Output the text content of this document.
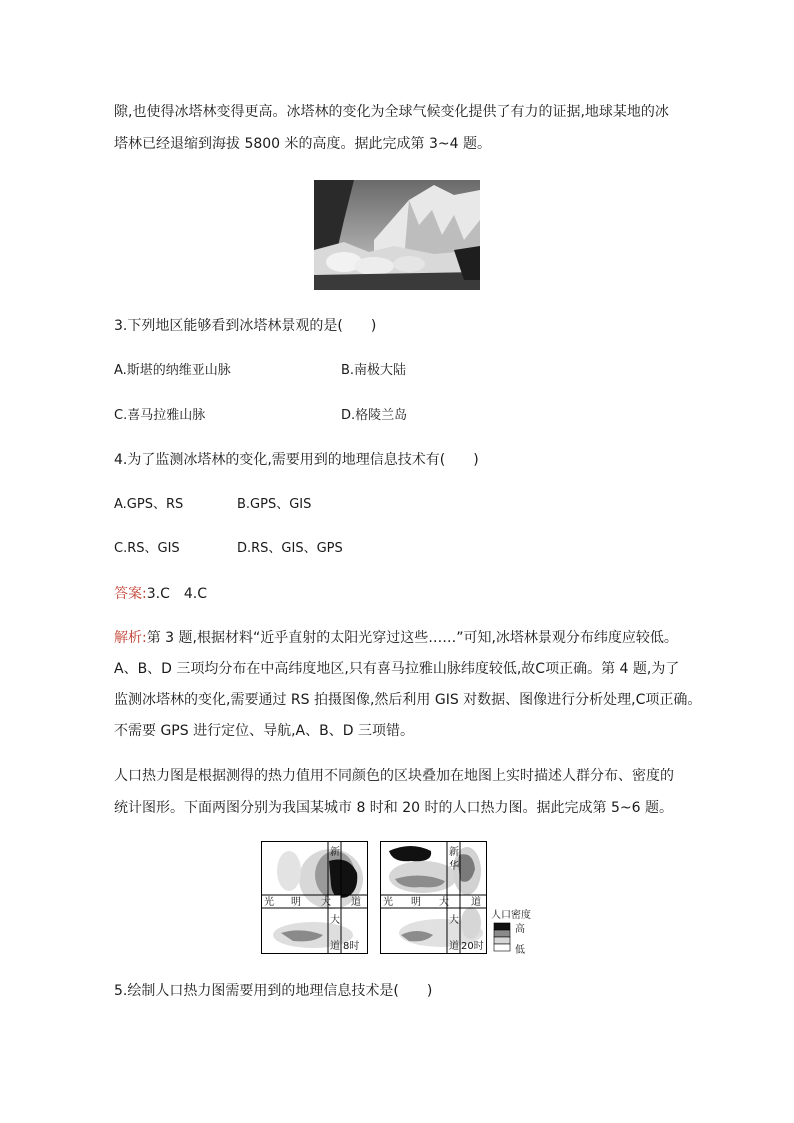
隙,也使得冰塔林变得更高。冰塔林的变化为全球气候变化提供了有力的证据,地球某地的冰
塔林已经退缩到海拔 5800 米的高度。据此完成第 3~4 题。
3.下列地区能够看到冰塔林景观的是(　　)
A.斯堪的纳维亚山脉	B.南极大陆
C.喜马拉雅山脉	D.格陵兰岛
4.为了监测冰塔林的变化,需要用到的地理信息技术有(　　)
A.GPS、RS	B.GPS、GIS
C.RS、GIS	D.RS、GIS、GPS
答案:3.C　4.C
解析:第 3 题,根据材料“近乎直射的太阳光穿过这些……”可知,冰塔林景观分布纬度应较低。
A、B、D 三项均分布在中高纬度地区,只有喜马拉雅山脉纬度较低,故C项正确。第 4 题,为了
监测冰塔林的变化,需要通过 RS 拍摄图像,然后利用 GIS 对数据、图像进行分析处理,C项正确。
不需要 GPS 进行定位、导航,A、B、D 三项错。
人口热力图是根据测得的热力值用不同颜色的区块叠加在地图上实时描述人群分布、密度的
统计图形。下面两图分别为我国某城市 8 时和 20 时的人口热力图。据此完成第 5~6 题。
光 明 大 道
新
华
大
道 8时
光 明 大 道
新
华
大
道 20时
人口密度
高
低
5.绘制人口热力图需要用到的地理信息技术是(　　)
